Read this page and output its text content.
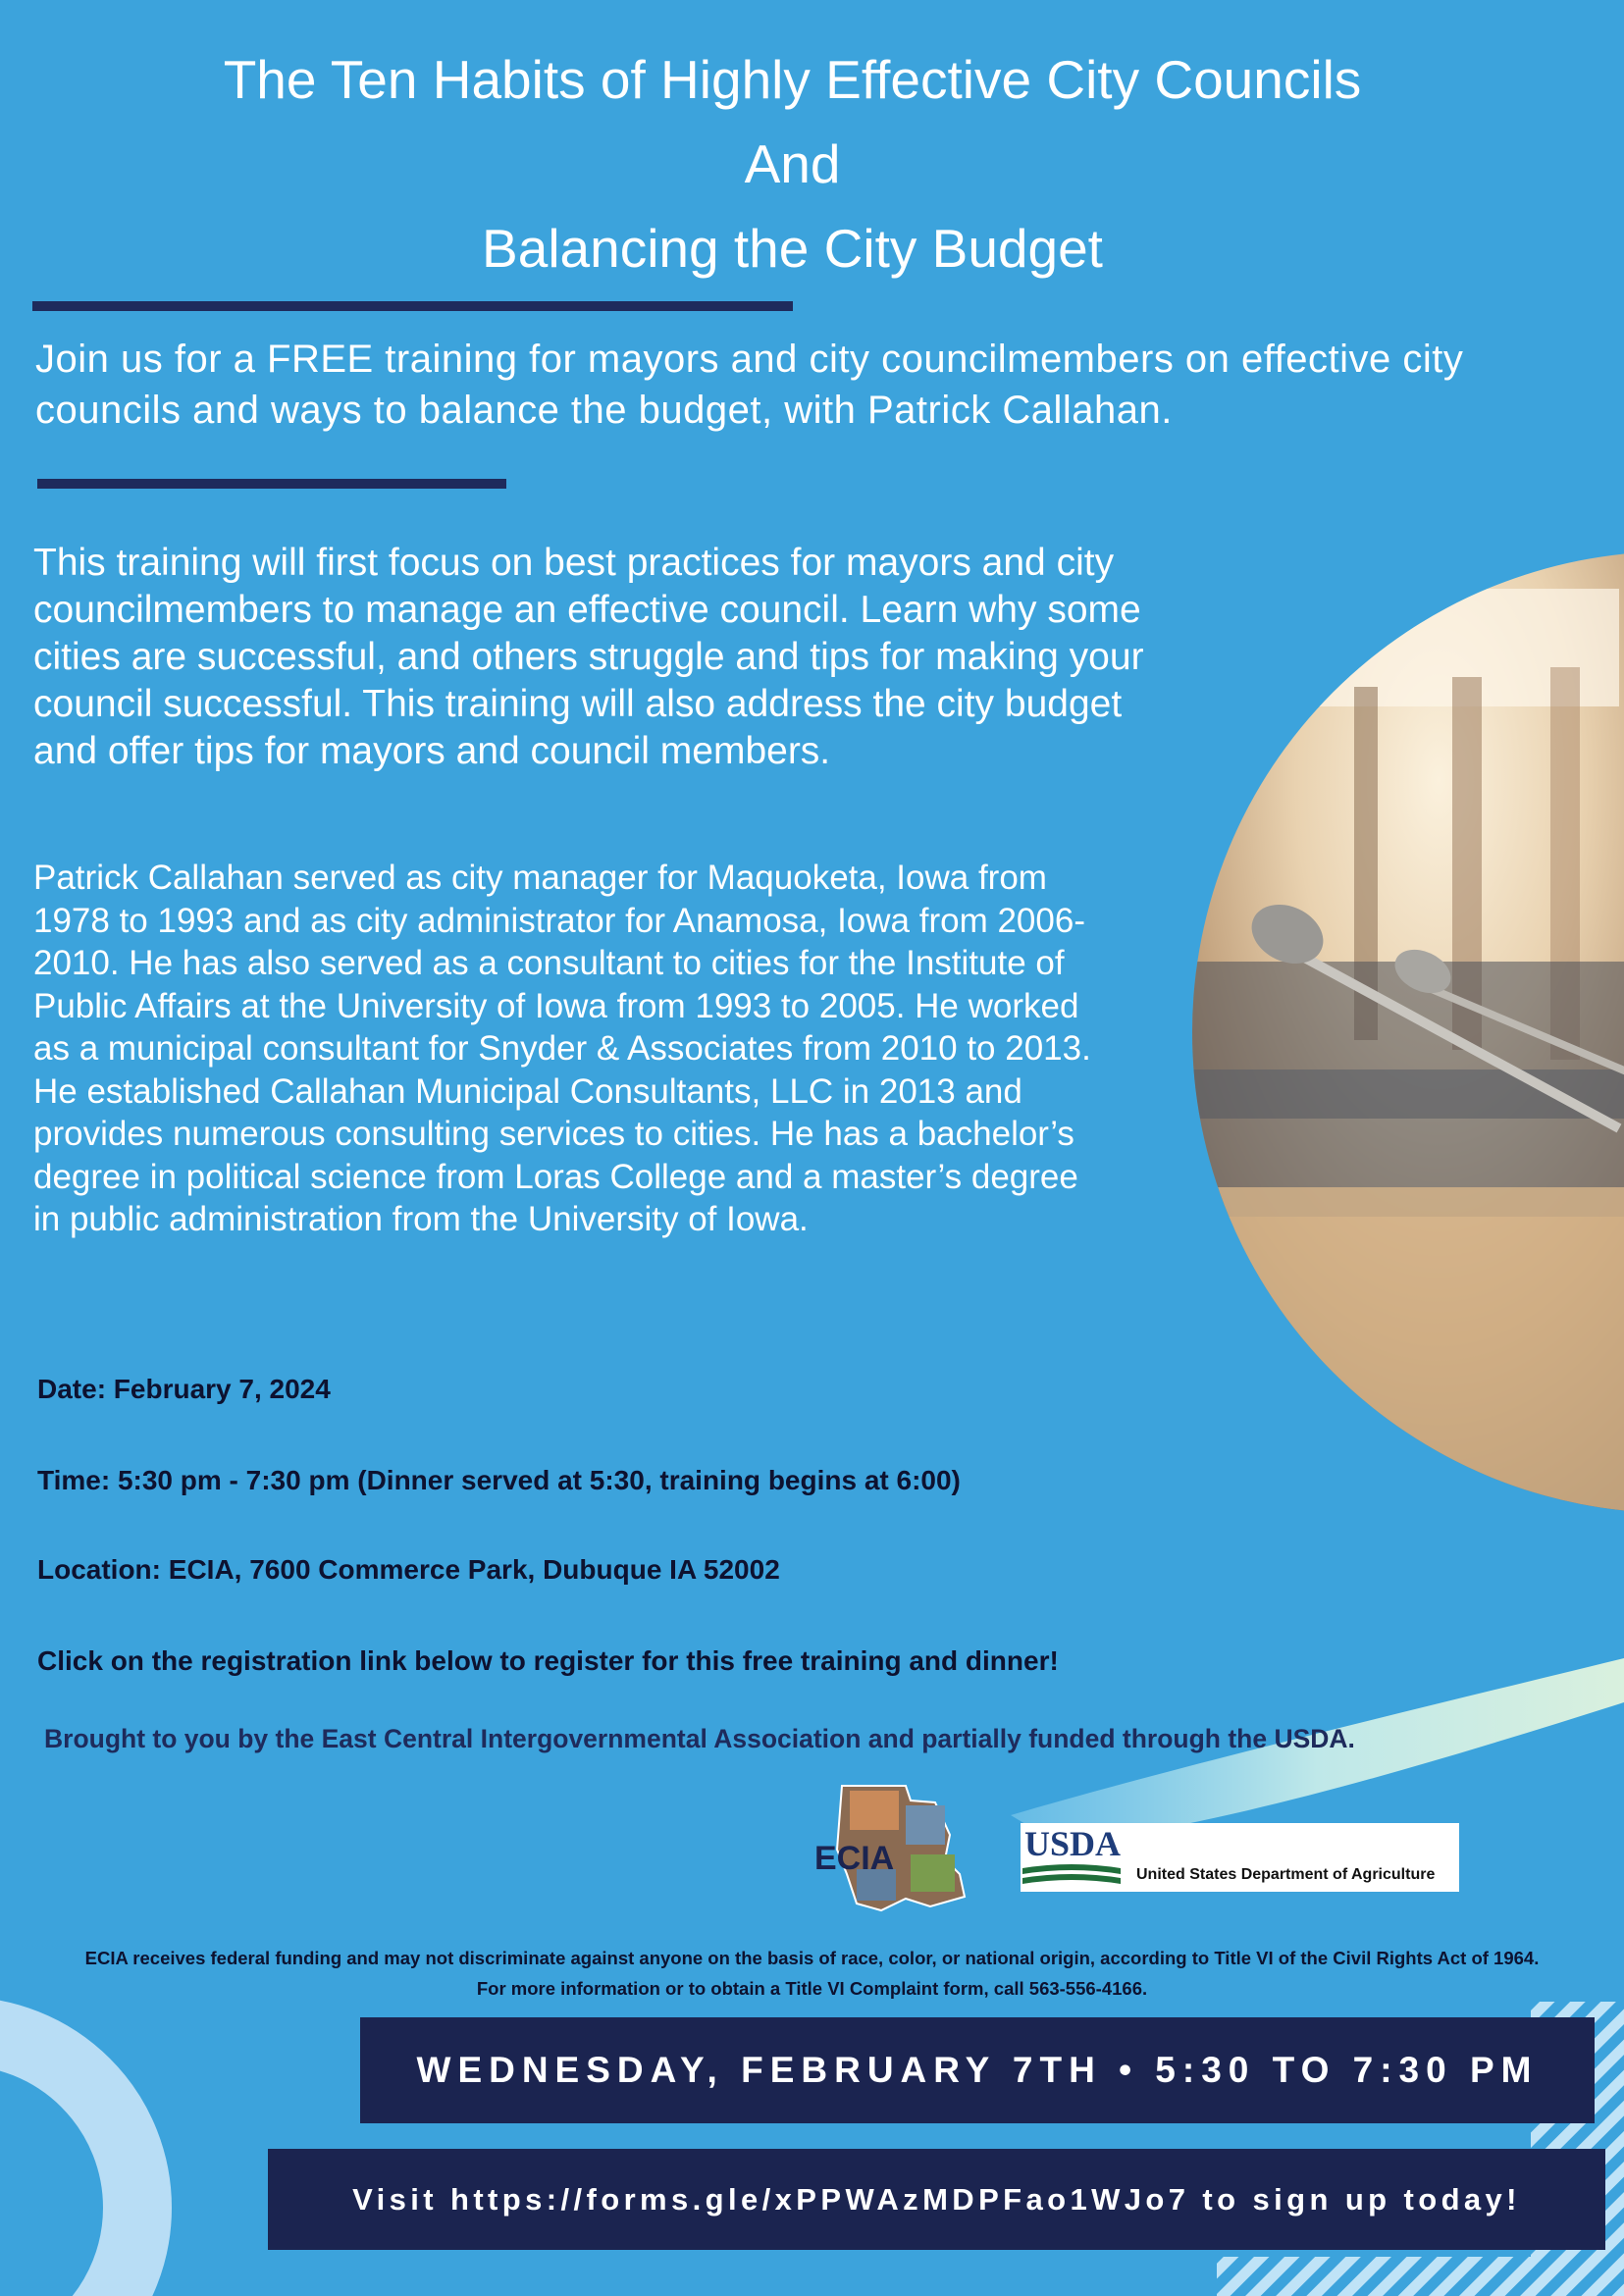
The Ten Habits of Highly Effective City Councils
And
Balancing the City Budget
Join us for a FREE training for mayors and city councilmembers on effective city councils and ways to balance the budget, with Patrick Callahan.
This training will first focus on best practices for mayors and city councilmembers to manage an effective council. Learn why some cities are successful, and others struggle and tips for making your council successful. This training will also address the city budget and offer tips for mayors and council members.
Patrick Callahan served as city manager for Maquoketa, Iowa from 1978 to 1993 and as city administrator for Anamosa, Iowa from 2006-2010. He has also served as a consultant to cities for the Institute of Public Affairs at the University of Iowa from 1993 to 2005. He worked as a municipal consultant for Snyder & Associates from 2010 to 2013. He established Callahan Municipal Consultants, LLC in 2013 and provides numerous consulting services to cities. He has a bachelor’s degree in political science from Loras College and a master’s degree in public administration from the University of Iowa.
Date: February 7, 2024
Time: 5:30 pm - 7:30 pm (Dinner served at 5:30, training begins at 6:00)
Location: ECIA, 7600 Commerce Park, Dubuque IA 52002
Click on the registration link below to register for this free training and dinner!
Brought to you by the East Central Intergovernmental Association and partially funded through the USDA.
ECIA	USDA
United States Department of Agriculture
ECIA receives federal funding and may not discriminate against anyone on the basis of race, color, or national origin, according to Title VI of the Civil Rights Act of 1964.
For more information or to obtain a Title VI Complaint form, call 563-556-4166.
WEDNESDAY, FEBRUARY 7TH • 5:30 TO 7:30 PM
Visit https://forms.gle/xPPWAzMDPFao1WJo7 to sign up today!
